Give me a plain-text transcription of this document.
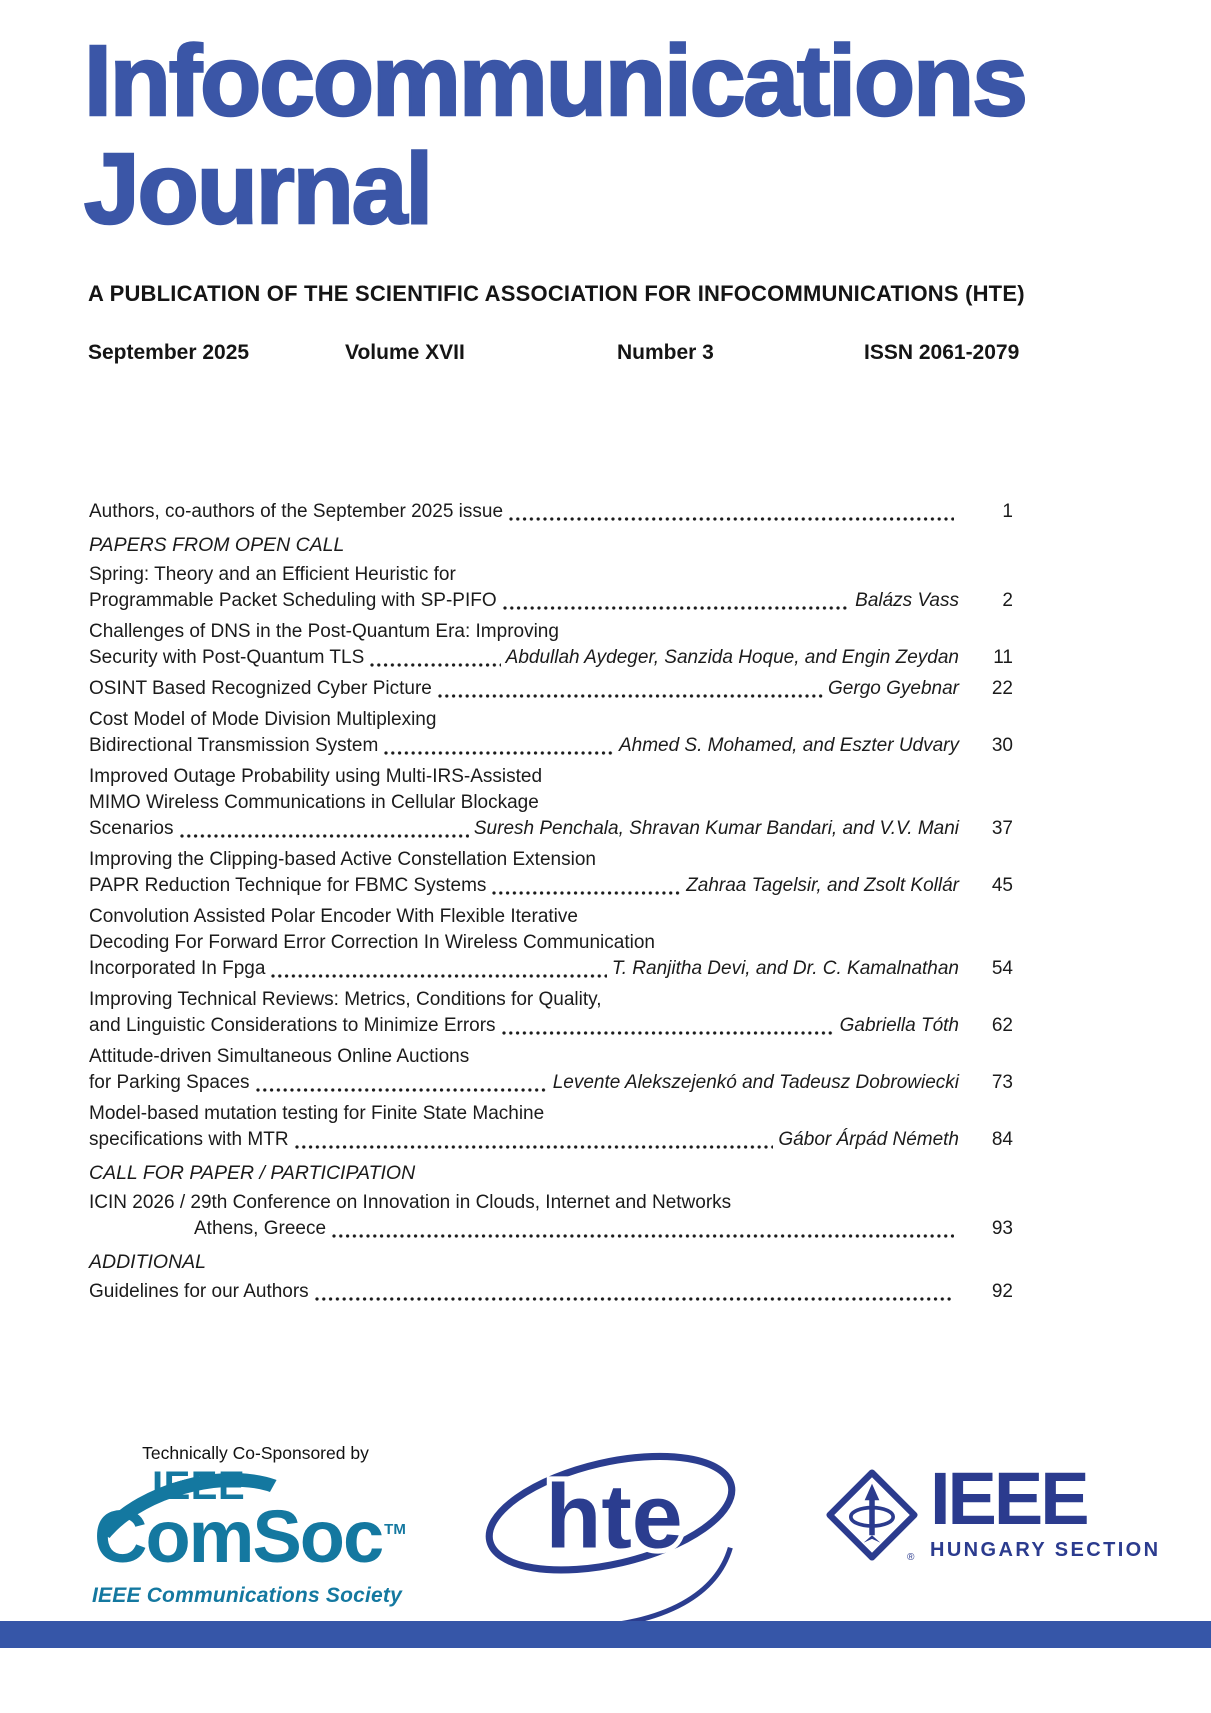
Infocommunications
Journal
A PUBLICATION OF THE SCIENTIFIC ASSOCIATION FOR INFOCOMMUNICATIONS (HTE)
September 2025	Volume XVII	Number 3	ISSN 2061-2079
Authors, co-authors of the September 2025 issue	1
PAPERS FROM OPEN CALL
Spring: Theory and an Efficient Heuristic for
Programmable Packet Scheduling with SP-PIFO	Balázs Vass	2
Challenges of DNS in the Post-Quantum Era: Improving
Security with Post-Quantum TLS	Abdullah Aydeger, Sanzida Hoque, and Engin Zeydan	11
OSINT Based Recognized Cyber Picture	Gergo Gyebnar	22
Cost Model of Mode Division Multiplexing
Bidirectional Transmission System	Ahmed S. Mohamed, and Eszter Udvary	30
Improved Outage Probability using Multi-IRS-Assisted
MIMO Wireless Communications in Cellular Blockage
Scenarios	Suresh Penchala, Shravan Kumar Bandari, and V.V. Mani	37
Improving the Clipping-based Active Constellation Extension
PAPR Reduction Technique for FBMC Systems	Zahraa Tagelsir, and Zsolt Kollár	45
Convolution Assisted Polar Encoder With Flexible Iterative
Decoding For Forward Error Correction In Wireless Communication
Incorporated In Fpga	T. Ranjitha Devi, and Dr. C. Kamalnathan	54
Improving Technical Reviews: Metrics, Conditions for Quality,
and Linguistic Considerations to Minimize Errors	Gabriella Tóth	62
Attitude-driven Simultaneous Online Auctions
for Parking Spaces	Levente Alekszejenkó and Tadeusz Dobrowiecki	73
Model-based mutation testing for Finite State Machine
specifications with MTR	Gábor Árpád Németh	84
CALL FOR PAPER / PARTICIPATION
ICIN 2026 / 29th Conference on Innovation in Clouds, Internet and Networks
Athens, Greece	93
ADDITIONAL
Guidelines for our Authors	92
Technically Co-Sponsored by
IEEE
ComSoc TM
IEEE Communications Society
hte	®
IEEE
HUNGARY SECTION
